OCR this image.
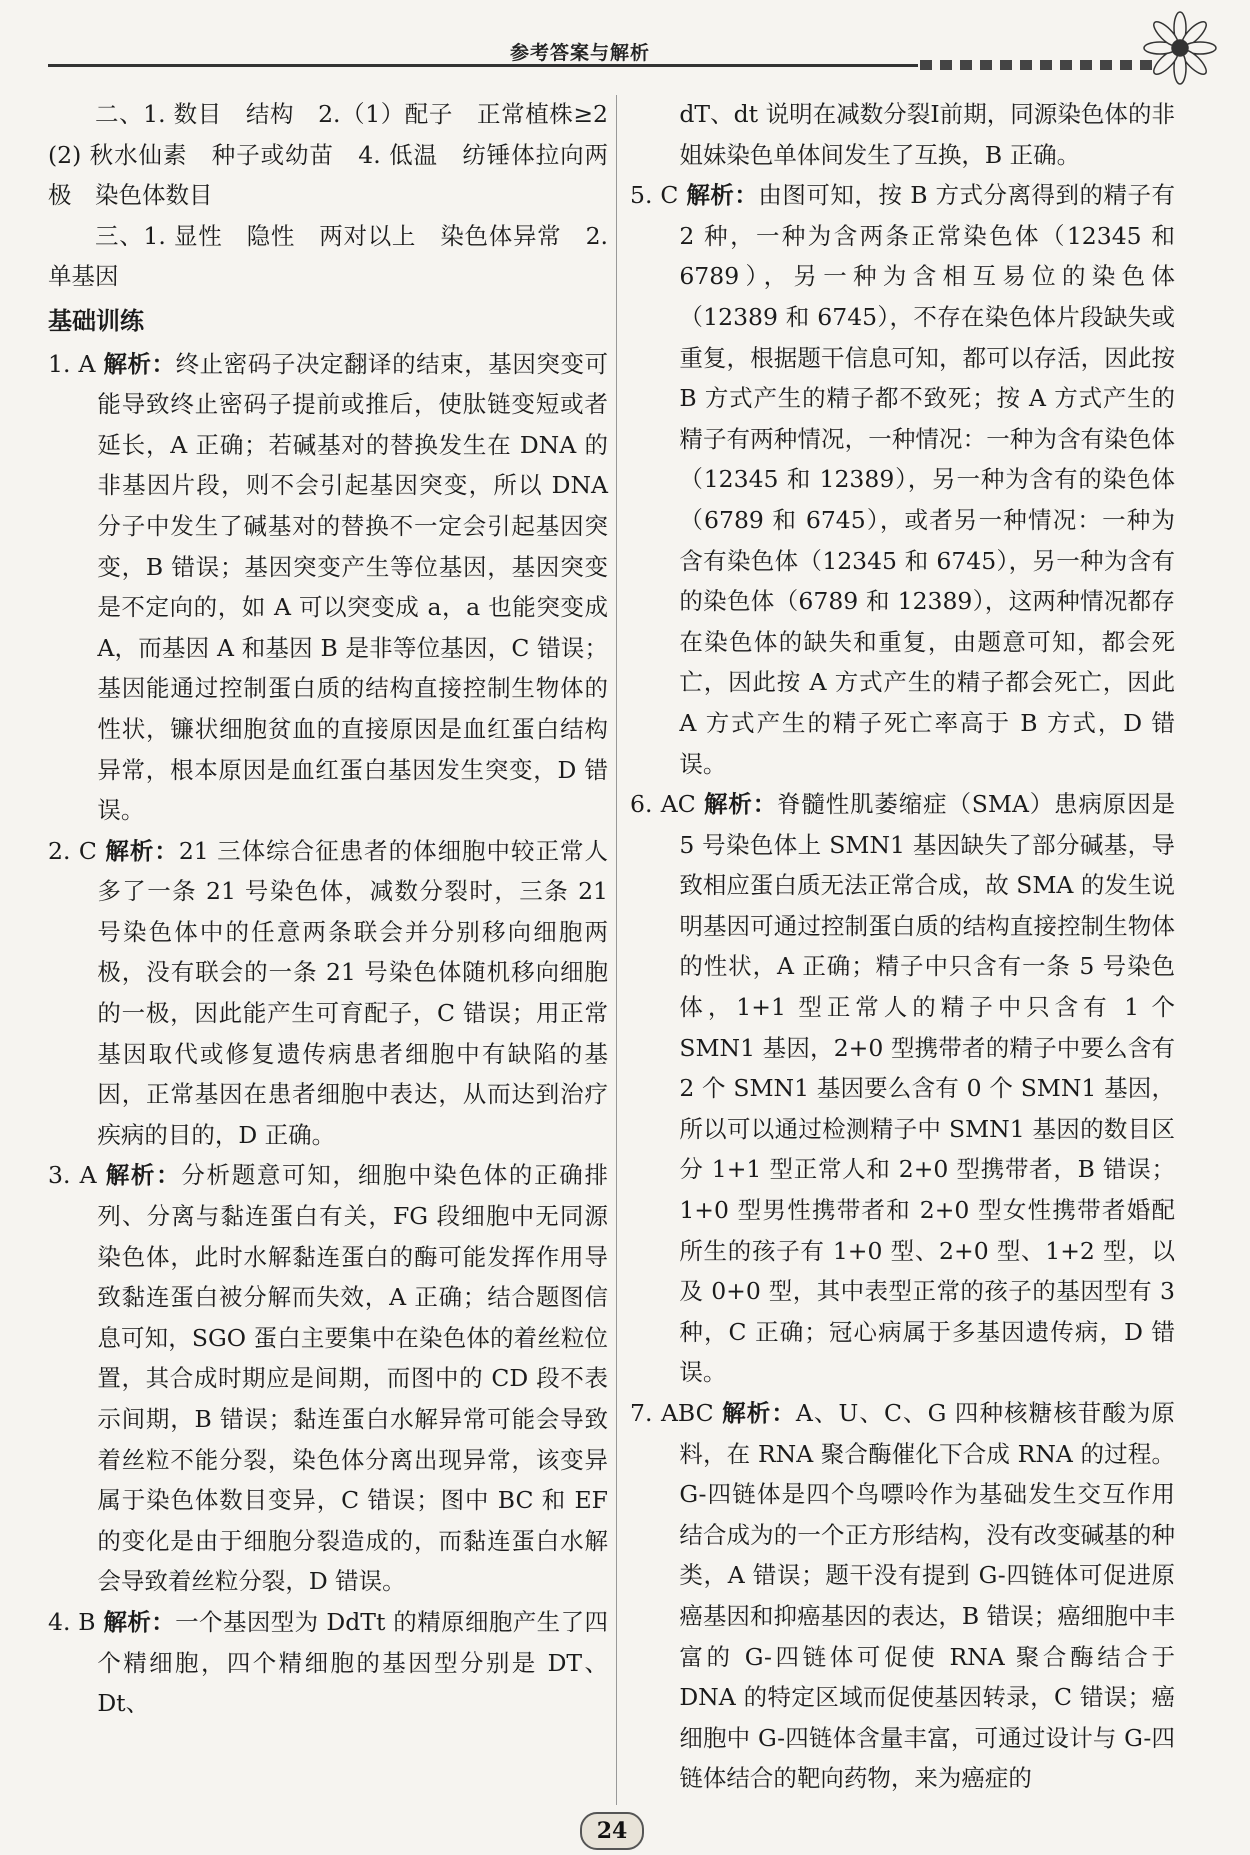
参考答案与解析

二、1. 数目　结构　2.（1）配子　正常植株≥2　(2) 秋水仙素　种子或幼苗　4. 低温　纺锤体拉向两极　染色体数目

三、1. 显性　隐性　两对以上　染色体异常　2. 单基因

基础训练

1. A 解析：终止密码子决定翻译的结束，基因突变可能导致终止密码子提前或推后，使肽链变短或者延长，A 正确；若碱基对的替换发生在 DNA 的非基因片段，则不会引起基因突变，所以 DNA 分子中发生了碱基对的替换不一定会引起基因突变，B 错误；基因突变产生等位基因，基因突变是不定向的，如 A 可以突变成 a，a 也能突变成 A，而基因 A 和基因 B 是非等位基因，C 错误；基因能通过控制蛋白质的结构直接控制生物体的性状，镰状细胞贫血的直接原因是血红蛋白结构异常，根本原因是血红蛋白基因发生突变，D 错误。

2. C 解析：21 三体综合征患者的体细胞中较正常人多了一条 21 号染色体，减数分裂时，三条 21 号染色体中的任意两条联会并分别移向细胞两极，没有联会的一条 21 号染色体随机移向细胞的一极，因此能产生可育配子，C 错误；用正常基因取代或修复遗传病患者细胞中有缺陷的基因，正常基因在患者细胞中表达，从而达到治疗疾病的目的，D 正确。

3. A 解析：分析题意可知，细胞中染色体的正确排列、分离与黏连蛋白有关，FG 段细胞中无同源染色体，此时水解黏连蛋白的酶可能发挥作用导致黏连蛋白被分解而失效，A 正确；结合题图信息可知，SGO 蛋白主要集中在染色体的着丝粒位置，其合成时期应是间期，而图中的 CD 段不表示间期，B 错误；黏连蛋白水解异常可能会导致着丝粒不能分裂，染色体分离出现异常，该变异属于染色体数目变异，C 错误；图中 BC 和 EF 的变化是由于细胞分裂造成的，而黏连蛋白水解会导致着丝粒分裂，D 错误。

4. B 解析：一个基因型为 DdTt 的精原细胞产生了四个精细胞，四个精细胞的基因型分别是 DT、Dt、

dT、dt 说明在减数分裂Ⅰ前期，同源染色体的非姐妹染色单体间发生了互换，B 正确。

5. C 解析：由图可知，按 B 方式分离得到的精子有 2 种，一种为含两条正常染色体（12345 和 6789），另一种为含相互易位的染色体（12389 和 6745），不存在染色体片段缺失或重复，根据题干信息可知，都可以存活，因此按 B 方式产生的精子都不致死；按 A 方式产生的精子有两种情况，一种情况：一种为含有染色体（12345 和 12389），另一种为含有的染色体（6789 和 6745），或者另一种情况：一种为含有染色体（12345 和 6745），另一种为含有的染色体（6789 和 12389），这两种情况都存在染色体的缺失和重复，由题意可知，都会死亡，因此按 A 方式产生的精子都会死亡，因此 A 方式产生的精子死亡率高于 B 方式，D 错误。

6. AC 解析：脊髓性肌萎缩症（SMA）患病原因是 5 号染色体上 SMN1 基因缺失了部分碱基，导致相应蛋白质无法正常合成，故 SMA 的发生说明基因可通过控制蛋白质的结构直接控制生物体的性状，A 正确；精子中只含有一条 5 号染色体，1+1 型正常人的精子中只含有 1 个 SMN1 基因，2+0 型携带者的精子中要么含有 2 个 SMN1 基因要么含有 0 个 SMN1 基因，所以可以通过检测精子中 SMN1 基因的数目区分 1+1 型正常人和 2+0 型携带者，B 错误；1+0 型男性携带者和 2+0 型女性携带者婚配所生的孩子有 1+0 型、2+0 型、1+2 型，以及 0+0 型，其中表型正常的孩子的基因型有 3 种，C 正确；冠心病属于多基因遗传病，D 错误。

7. ABC 解析：A、U、C、G 四种核糖核苷酸为原料，在 RNA 聚合酶催化下合成 RNA 的过程。G-四链体是四个鸟嘌呤作为基础发生交互作用结合成为的一个正方形结构，没有改变碱基的种类，A 错误；题干没有提到 G-四链体可促进原癌基因和抑癌基因的表达，B 错误；癌细胞中丰富的 G-四链体可促使 RNA 聚合酶结合于 DNA 的特定区域而促使基因转录，C 错误；癌细胞中 G-四链体含量丰富，可通过设计与 G-四链体结合的靶向药物，来为癌症的

24
